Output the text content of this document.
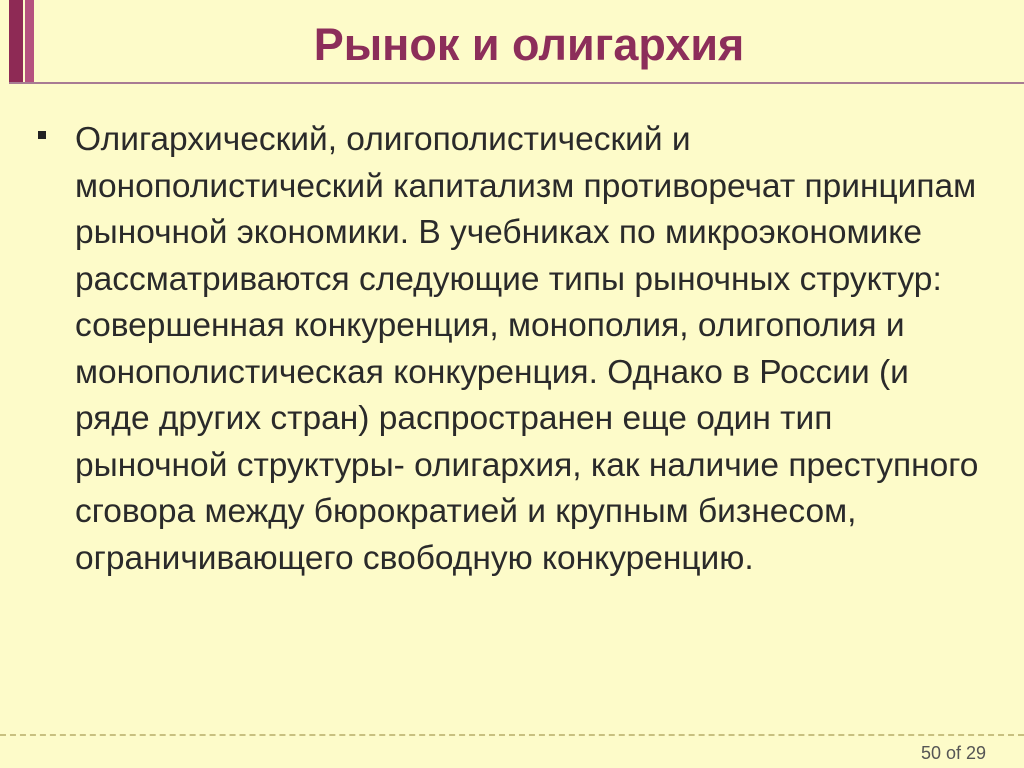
Рынок и олигархия
Олигархический, олигополистический и монополистический капитализм противоречат принципам рыночной экономики. В учебниках по микроэкономике рассматриваются следующие типы рыночных структур: совершенная конкуренция, монополия, олигополия и монополистическая конкуренция. Однако в России (и ряде других стран) распространен еще один тип рыночной структуры- олигархия, как наличие преступного сговора между бюрократией и крупным бизнесом, ограничивающего свободную конкуренцию.
50 of 29
